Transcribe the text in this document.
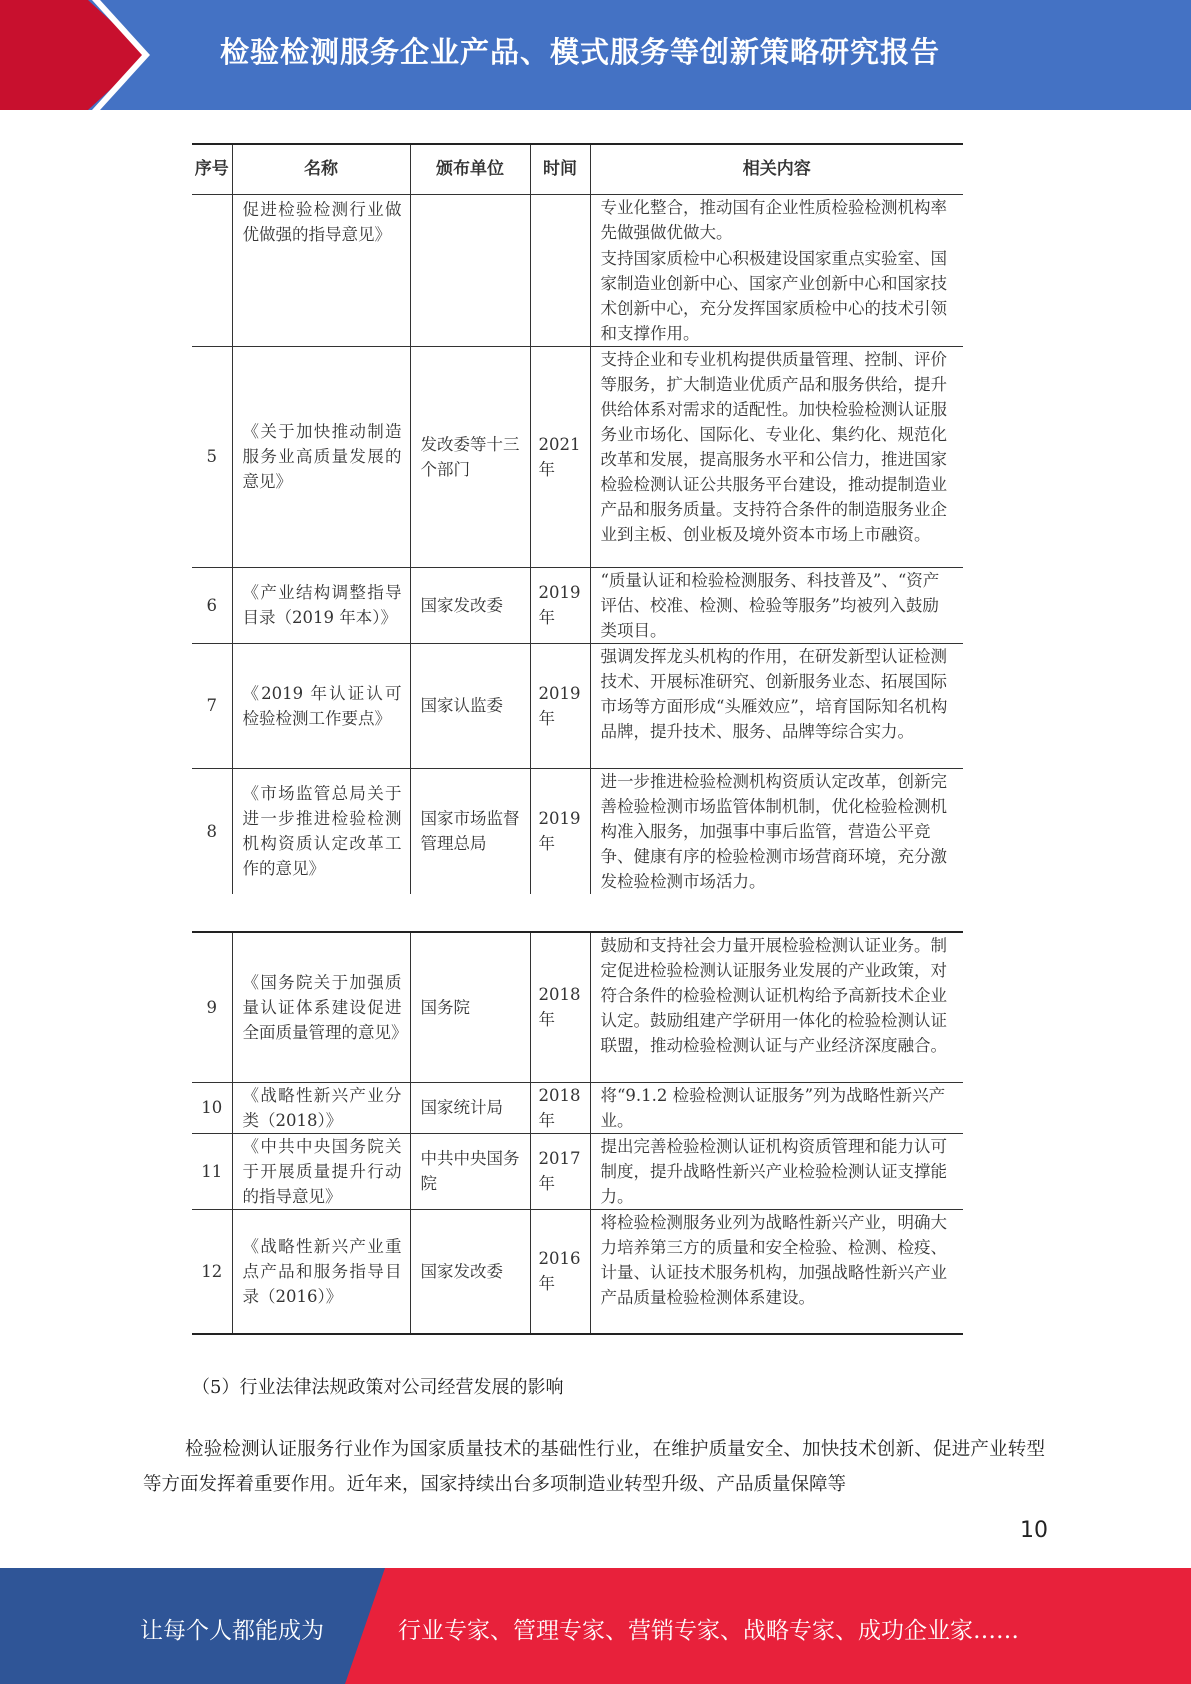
检验检测服务企业产品、模式服务等创新策略研究报告
序号	名称	颁布单位	时间	相关内容
	促进检验检测行业做优做强的指导意见》			专业化整合，推动国有企业性质检验检测机构率先做强做优做大。
支持国家质检中心积极建设国家重点实验室、国家制造业创新中心、国家产业创新中心和国家技术创新中心，充分发挥国家质检中心的技术引领和支撑作用。

5	《关于加快推动制造服务业高质量发展的意见》	发改委等十三个部门	2021年	支持企业和专业机构提供质量管理、控制、评价等服务，扩大制造业优质产品和服务供给，提升供给体系对需求的适配性。加快检验检测认证服务业市场化、国际化、专业化、集约化、规范化改革和发展，提高服务水平和公信力，推进国家检验检测认证公共服务平台建设，推动提制造业产品和服务质量。支持符合条件的制造服务业企业到主板、创业板及境外资本市场上市融资。
6	《产业结构调整指导目录（2019 年本）》	国家发改委	2019年	“质量认证和检验检测服务、科技普及”、“资产评估、校准、检测、检验等服务”均被列入鼓励类项目。
7	《2019 年认证认可检验检测工作要点》	国家认监委	2019年	强调发挥龙头机构的作用，在研发新型认证检测技术、开展标准研究、创新服务业态、拓展国际市场等方面形成“头雁效应”，培育国际知名机构品牌，提升技术、服务、品牌等综合实力。
8	《市场监管总局关于进一步推进检验检测机构资质认定改革工作的意见》	国家市场监督管理总局	2019年	进一步推进检验检测机构资质认定改革，创新完善检验检测市场监管体制机制，优化检验检测机构准入服务，加强事中事后监管，营造公平竞争、健康有序的检验检测市场营商环境，充分激发检验检测市场活力。
9	《国务院关于加强质量认证体系建设促进全面质量管理的意见》	国务院	2018年	鼓励和支持社会力量开展检验检测认证业务。制定促进检验检测认证服务业发展的产业政策，对符合条件的检验检测认证机构给予高新技术企业认定。鼓励组建产学研用一体化的检验检测认证联盟，推动检验检测认证与产业经济深度融合。
10	《战略性新兴产业分类（2018）》	国家统计局	2018年	将“9.1.2 检验检测认证服务”列为战略性新兴产业。
11	《中共中央国务院关于开展质量提升行动的指导意见》	中共中央国务院	2017年	提出完善检验检测认证机构资质管理和能力认可制度，提升战略性新兴产业检验检测认证支撑能力。
12	《战略性新兴产业重点产品和服务指导目录（2016）》	国家发改委	2016年	将检验检测服务业列为战略性新兴产业，明确大力培养第三方的质量和安全检验、检测、检疫、计量、认证技术服务机构，加强战略性新兴产业产品质量检验检测体系建设。
（5）行业法律法规政策对公司经营发展的影响

检验检测认证服务行业作为国家质量技术的基础性行业，在维护质量安全、加快技术创新、促进产业转型等方面发挥着重要作用。近年来，国家持续出台多项制造业转型升级、产品质量保障等

10
让每个人都能成为	行业专家、管理专家、营销专家、战略专家、成功企业家……
